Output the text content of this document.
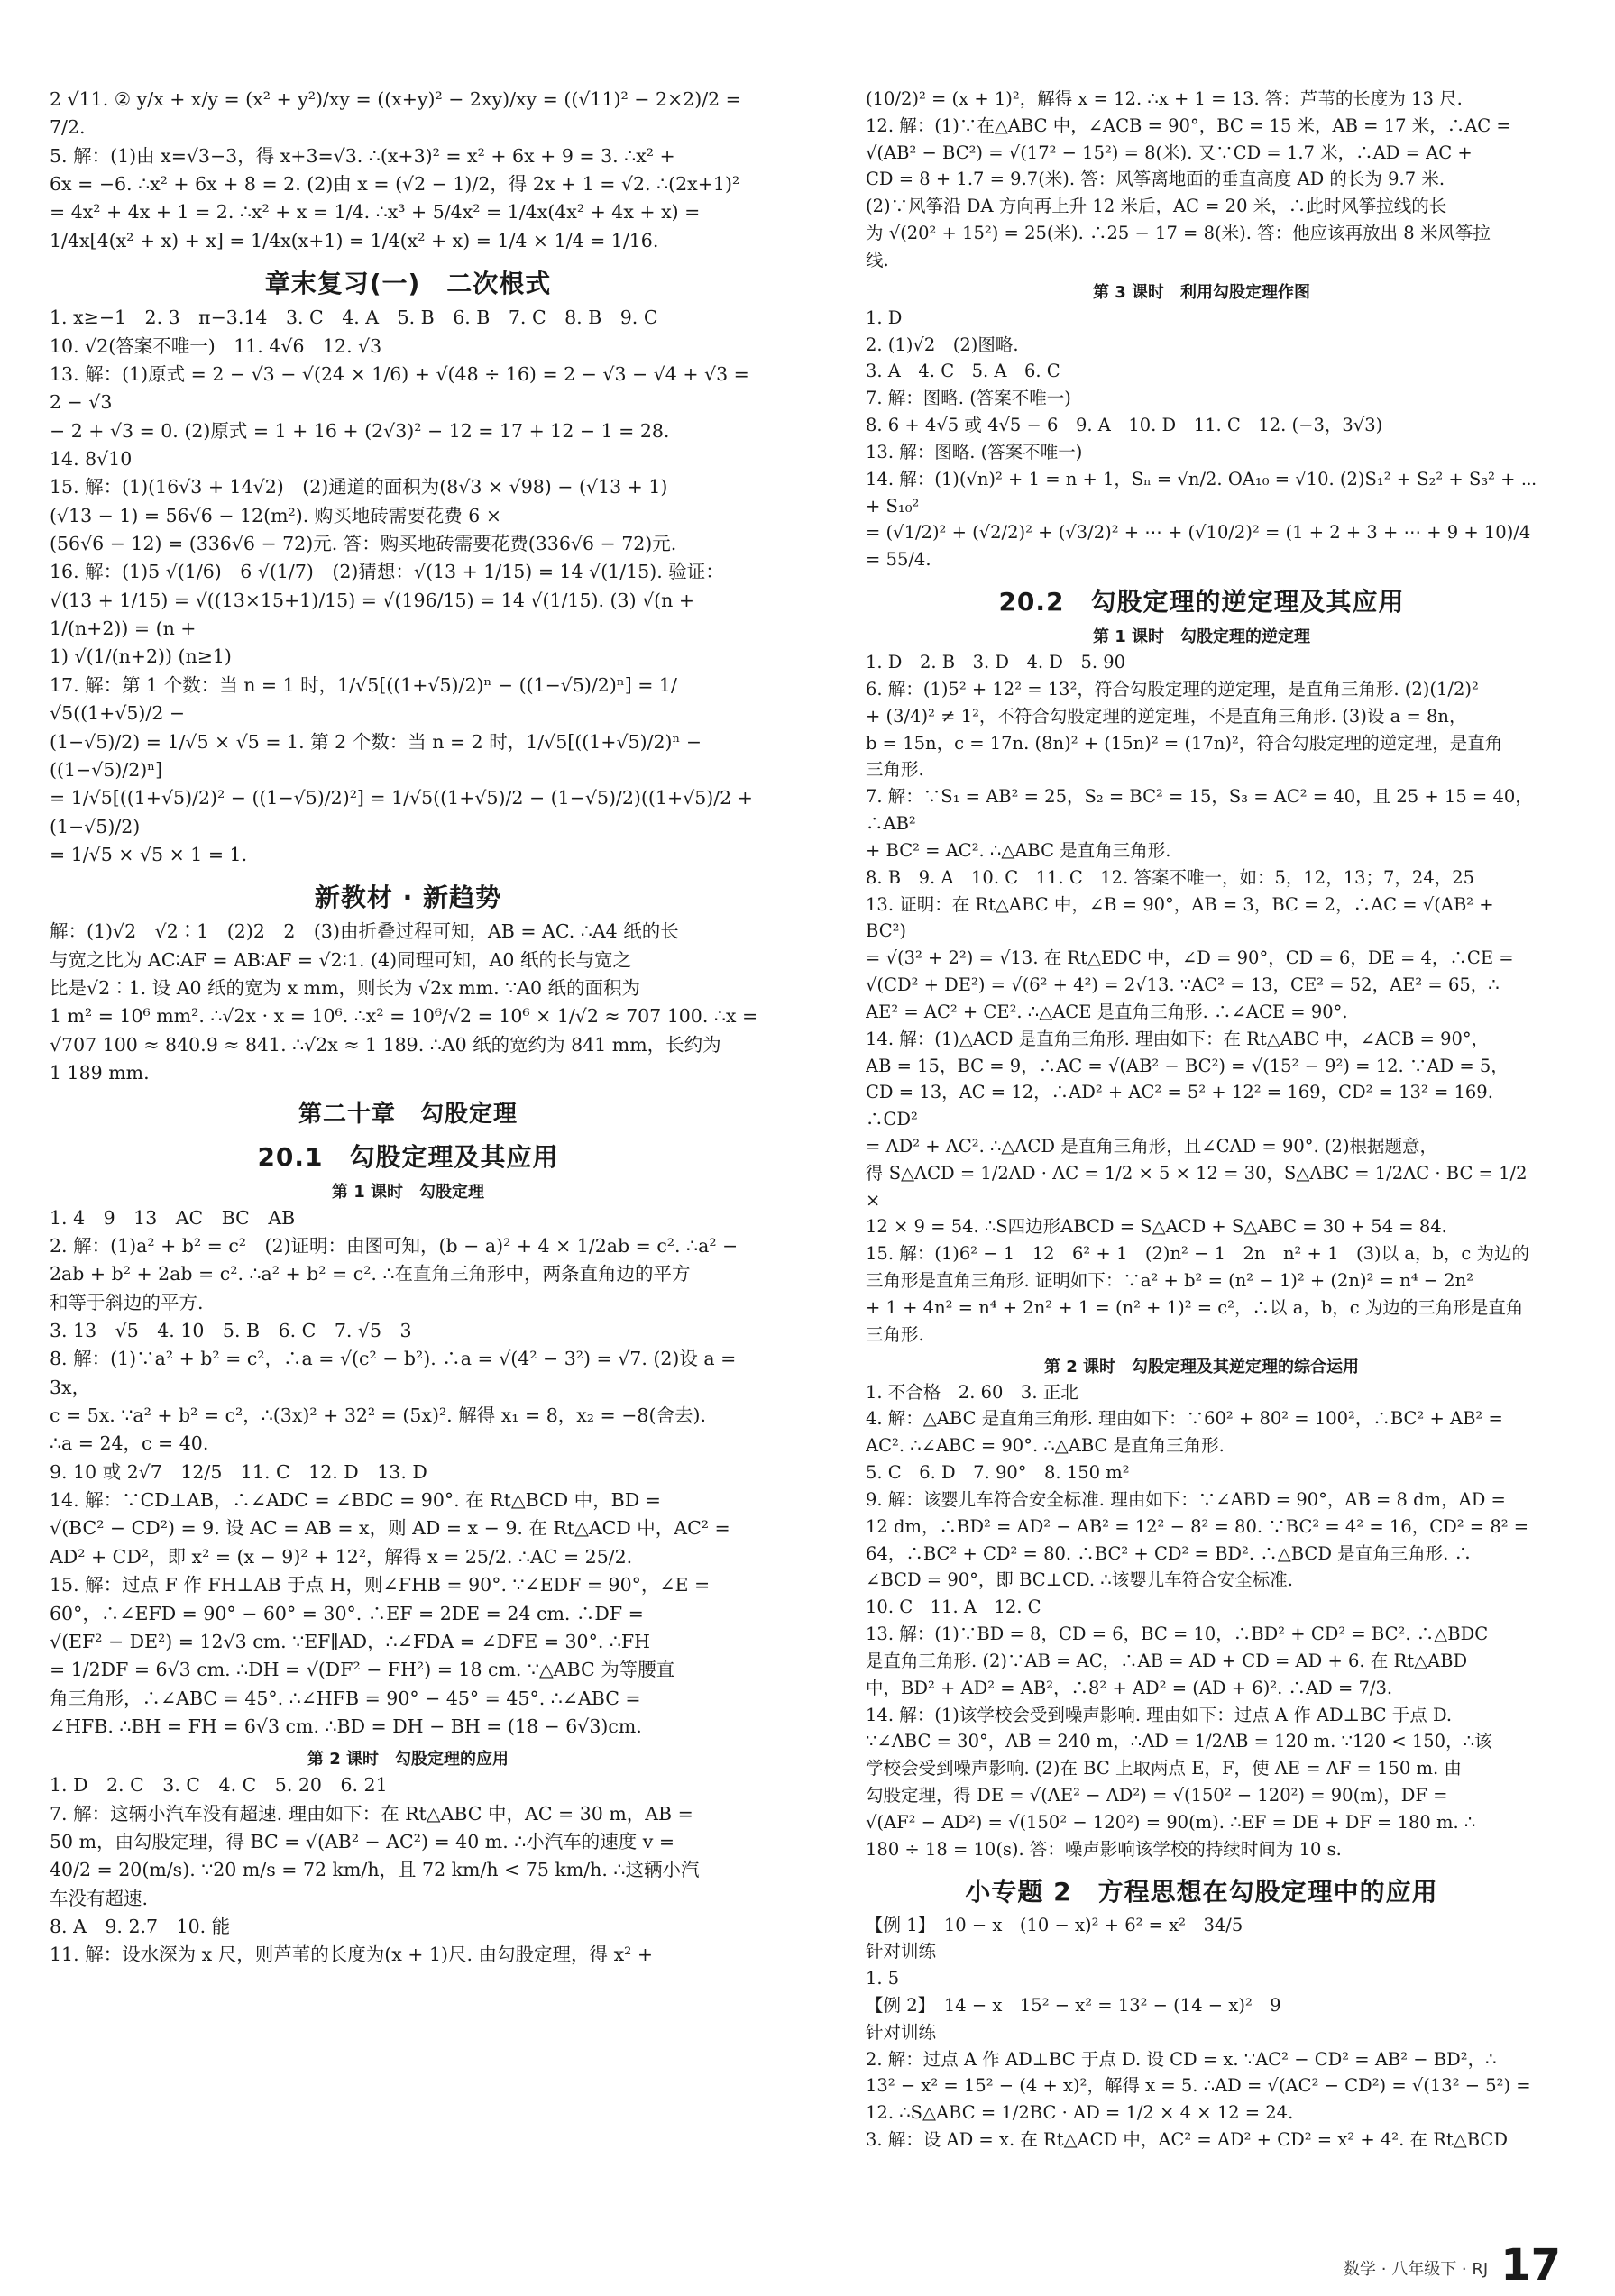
2 √11. ② y/x + x/y = (x² + y²)/xy = ((x+y)² − 2xy)/xy = ((√11)² − 2×2)/2 = 7/2.
5. 解：(1)由 x=√3−3，得 x+3=√3. ∴(x+3)² = x² + 6x + 9 = 3. ∴x² +
6x = −6. ∴x² + 6x + 8 = 2. (2)由 x = (√2 − 1)/2，得 2x + 1 = √2. ∴(2x+1)²
= 4x² + 4x + 1 = 2. ∴x² + x = 1/4. ∴x³ + 5/4x² = 1/4x(4x² + 4x + x) =
1/4x[4(x² + x) + x] = 1/4x(x+1) = 1/4(x² + x) = 1/4 × 1/4 = 1/16.
章末复习(一)　二次根式
1. x≥−1　2. 3　π−3.14　3. C　4. A　5. B　6. B　7. C　8. B　9. C
10. √2(答案不唯一)　11. 4√6　12. √3
13. 解：(1)原式 = 2 − √3 − √(24 × 1/6) + √(48 ÷ 16) = 2 − √3 − √4 + √3 = 2 − √3
− 2 + √3 = 0. (2)原式 = 1 + 16 + (2√3)² − 12 = 17 + 12 − 1 = 28.
14. 8√10
15. 解：(1)(16√3 + 14√2)　(2)通道的面积为(8√3 × √98) − (√13 + 1)
(√13 − 1) = 56√6 − 12(m²). 购买地砖需要花费 6 ×
(56√6 − 12) = (336√6 − 72)元. 答：购买地砖需要花费(336√6 − 72)元.
16. 解：(1)5 √(1/6)　6 √(1/7)　(2)猜想：√(13 + 1/15) = 14 √(1/15). 验证：
√(13 + 1/15) = √((13×15+1)/15) = √(196/15) = 14 √(1/15). (3) √(n + 1/(n+2)) = (n +
1) √(1/(n+2)) (n≥1)
17. 解：第 1 个数：当 n = 1 时，1/√5[((1+√5)/2)ⁿ − ((1−√5)/2)ⁿ] = 1/√5((1+√5)/2 −
(1−√5)/2) = 1/√5 × √5 = 1. 第 2 个数：当 n = 2 时，1/√5[((1+√5)/2)ⁿ − ((1−√5)/2)ⁿ]
= 1/√5[((1+√5)/2)² − ((1−√5)/2)²] = 1/√5((1+√5)/2 − (1−√5)/2)((1+√5)/2 + (1−√5)/2)
= 1/√5 × √5 × 1 = 1.
新教材 · 新趋势
解：(1)√2　√2∶1　(2)2　2　(3)由折叠过程可知，AB = AC. ∴A4 纸的长
与宽之比为 AC∶AF = AB∶AF = √2∶1. (4)同理可知，A0 纸的长与宽之
比是√2∶1. 设 A0 纸的宽为 x mm，则长为 √2x mm. ∵A0 纸的面积为
1 m² = 10⁶ mm². ∴√2x · x = 10⁶. ∴x² = 10⁶/√2 = 10⁶ × 1/√2 ≈ 707 100. ∴x =
√707 100 ≈ 840.9 ≈ 841. ∴√2x ≈ 1 189. ∴A0 纸的宽约为 841 mm，长约为
1 189 mm.
第二十章　勾股定理
20.1　勾股定理及其应用
第 1 课时　勾股定理
1. 4　9　13　AC　BC　AB
2. 解：(1)a² + b² = c²　(2)证明：由图可知，(b − a)² + 4 × 1/2ab = c². ∴a² −
2ab + b² + 2ab = c². ∴a² + b² = c². ∴在直角三角形中，两条直角边的平方
和等于斜边的平方.
3. 13　√5　4. 10　5. B　6. C　7. √5　3
8. 解：(1)∵a² + b² = c²，∴a = √(c² − b²). ∴a = √(4² − 3²) = √7. (2)设 a = 3x，
c = 5x. ∵a² + b² = c²，∴(3x)² + 32² = (5x)². 解得 x₁ = 8，x₂ = −8(舍去).
∴a = 24，c = 40.
9. 10 或 2√7　12/5　11. C　12. D　13. D
14. 解：∵CD⊥AB，∴∠ADC = ∠BDC = 90°. 在 Rt△BCD 中，BD =
√(BC² − CD²) = 9. 设 AC = AB = x，则 AD = x − 9. 在 Rt△ACD 中，AC² =
AD² + CD²，即 x² = (x − 9)² + 12²，解得 x = 25/2. ∴AC = 25/2.
15. 解：过点 F 作 FH⊥AB 于点 H，则∠FHB = 90°. ∵∠EDF = 90°，∠E =
60°，∴∠EFD = 90° − 60° = 30°. ∴EF = 2DE = 24 cm. ∴DF =
√(EF² − DE²) = 12√3 cm. ∵EF∥AD，∴∠FDA = ∠DFE = 30°. ∴FH
= 1/2DF = 6√3 cm. ∴DH = √(DF² − FH²) = 18 cm. ∵△ABC 为等腰直
角三角形，∴∠ABC = 45°. ∴∠HFB = 90° − 45° = 45°. ∴∠ABC =
∠HFB. ∴BH = FH = 6√3 cm. ∴BD = DH − BH = (18 − 6√3)cm.
第 2 课时　勾股定理的应用
1. D　2. C　3. C　4. C　5. 20　6. 21
7. 解：这辆小汽车没有超速. 理由如下：在 Rt△ABC 中，AC = 30 m，AB =
50 m，由勾股定理，得 BC = √(AB² − AC²) = 40 m. ∴小汽车的速度 v =
40/2 = 20(m/s). ∵20 m/s = 72 km/h，且 72 km/h < 75 km/h. ∴这辆小汽
车没有超速.
8. A　9. 2.7　10. 能
11. 解：设水深为 x 尺，则芦苇的长度为(x + 1)尺. 由勾股定理，得 x² +
(10/2)² = (x + 1)²，解得 x = 12. ∴x + 1 = 13. 答：芦苇的长度为 13 尺.
12. 解：(1)∵在△ABC 中，∠ACB = 90°，BC = 15 米，AB = 17 米，∴AC =
√(AB² − BC²) = √(17² − 15²) = 8(米). 又∵CD = 1.7 米，∴AD = AC +
CD = 8 + 1.7 = 9.7(米). 答：风筝离地面的垂直高度 AD 的长为 9.7 米.
(2)∵风筝沿 DA 方向再上升 12 米后，AC = 20 米，∴此时风筝拉线的长
为 √(20² + 15²) = 25(米). ∴25 − 17 = 8(米). 答：他应该再放出 8 米风筝拉
线.
第 3 课时　利用勾股定理作图
1. D
2. (1)√2　(2)图略.
3. A　4. C　5. A　6. C
7. 解：图略. (答案不唯一)
8. 6 + 4√5 或 4√5 − 6　9. A　10. D　11. C　12. (−3，3√3)
13. 解：图略. (答案不唯一)
14. 解：(1)(√n)² + 1 = n + 1，Sₙ = √n/2. OA₁₀ = √10. (2)S₁² + S₂² + S₃² + ⋯ + S₁₀²
= (√1/2)² + (√2/2)² + (√3/2)² + ⋯ + (√10/2)² = (1 + 2 + 3 + ⋯ + 9 + 10)/4 = 55/4.
20.2　勾股定理的逆定理及其应用
第 1 课时　勾股定理的逆定理
1. D　2. B　3. D　4. D　5. 90
6. 解：(1)5² + 12² = 13²，符合勾股定理的逆定理，是直角三角形. (2)(1/2)²
+ (3/4)² ≠ 1²，不符合勾股定理的逆定理，不是直角三角形. (3)设 a = 8n，
b = 15n，c = 17n. (8n)² + (15n)² = (17n)²，符合勾股定理的逆定理，是直角
三角形.
7. 解：∵S₁ = AB² = 25，S₂ = BC² = 15，S₃ = AC² = 40，且 25 + 15 = 40，∴AB²
+ BC² = AC². ∴△ABC 是直角三角形.
8. B　9. A　10. C　11. C　12. 答案不唯一，如：5，12，13；7，24，25
13. 证明：在 Rt△ABC 中，∠B = 90°，AB = 3，BC = 2，∴AC = √(AB² + BC²)
= √(3² + 2²) = √13. 在 Rt△EDC 中，∠D = 90°，CD = 6，DE = 4，∴CE =
√(CD² + DE²) = √(6² + 4²) = 2√13. ∵AC² = 13，CE² = 52，AE² = 65，∴
AE² = AC² + CE². ∴△ACE 是直角三角形. ∴∠ACE = 90°.
14. 解：(1)△ACD 是直角三角形. 理由如下：在 Rt△ABC 中，∠ACB = 90°，
AB = 15，BC = 9，∴AC = √(AB² − BC²) = √(15² − 9²) = 12. ∵AD = 5，
CD = 13，AC = 12，∴AD² + AC² = 5² + 12² = 169，CD² = 13² = 169. ∴CD²
= AD² + AC². ∴△ACD 是直角三角形，且∠CAD = 90°. (2)根据题意，
得 S△ACD = 1/2AD · AC = 1/2 × 5 × 12 = 30，S△ABC = 1/2AC · BC = 1/2 ×
12 × 9 = 54. ∴S四边形ABCD = S△ACD + S△ABC = 30 + 54 = 84.
15. 解：(1)6² − 1　12　6² + 1　(2)n² − 1　2n　n² + 1　(3)以 a，b，c 为边的
三角形是直角三角形. 证明如下：∵a² + b² = (n² − 1)² + (2n)² = n⁴ − 2n²
+ 1 + 4n² = n⁴ + 2n² + 1 = (n² + 1)² = c²，∴以 a，b，c 为边的三角形是直角
三角形.
第 2 课时　勾股定理及其逆定理的综合运用
1. 不合格　2. 60　3. 正北
4. 解：△ABC 是直角三角形. 理由如下：∵60² + 80² = 100²，∴BC² + AB² =
AC². ∴∠ABC = 90°. ∴△ABC 是直角三角形.
5. C　6. D　7. 90°　8. 150 m²
9. 解：该婴儿车符合安全标准. 理由如下：∵∠ABD = 90°，AB = 8 dm，AD =
12 dm，∴BD² = AD² − AB² = 12² − 8² = 80. ∵BC² = 4² = 16，CD² = 8² =
64，∴BC² + CD² = 80. ∴BC² + CD² = BD². ∴△BCD 是直角三角形. ∴
∠BCD = 90°，即 BC⊥CD. ∴该婴儿车符合安全标准.
10. C　11. A　12. C
13. 解：(1)∵BD = 8，CD = 6，BC = 10，∴BD² + CD² = BC². ∴△BDC
是直角三角形. (2)∵AB = AC，∴AB = AD + CD = AD + 6. 在 Rt△ABD
中，BD² + AD² = AB²，∴8² + AD² = (AD + 6)². ∴AD = 7/3.
14. 解：(1)该学校会受到噪声影响. 理由如下：过点 A 作 AD⊥BC 于点 D.
∵∠ABC = 30°，AB = 240 m，∴AD = 1/2AB = 120 m. ∵120 < 150，∴该
学校会受到噪声影响. (2)在 BC 上取两点 E，F，使 AE = AF = 150 m. 由
勾股定理，得 DE = √(AE² − AD²) = √(150² − 120²) = 90(m)，DF =
√(AF² − AD²) = √(150² − 120²) = 90(m). ∴EF = DE + DF = 180 m. ∴
180 ÷ 18 = 10(s). 答：噪声影响该学校的持续时间为 10 s.
小专题 2　方程思想在勾股定理中的应用
【例 1】　10 − x　(10 − x)² + 6² = x²　34/5
针对训练
1. 5
【例 2】　14 − x　15² − x² = 13² − (14 − x)²　9
针对训练
2. 解：过点 A 作 AD⊥BC 于点 D. 设 CD = x. ∵AC² − CD² = AB² − BD²，∴
13² − x² = 15² − (4 + x)²，解得 x = 5. ∴AD = √(AC² − CD²) = √(13² − 5²) =
12. ∴S△ABC = 1/2BC · AD = 1/2 × 4 × 12 = 24.
3. 解：设 AD = x. 在 Rt△ACD 中，AC² = AD² + CD² = x² + 4². 在 Rt△BCD
数学 · 八年级下 · RJ 17
